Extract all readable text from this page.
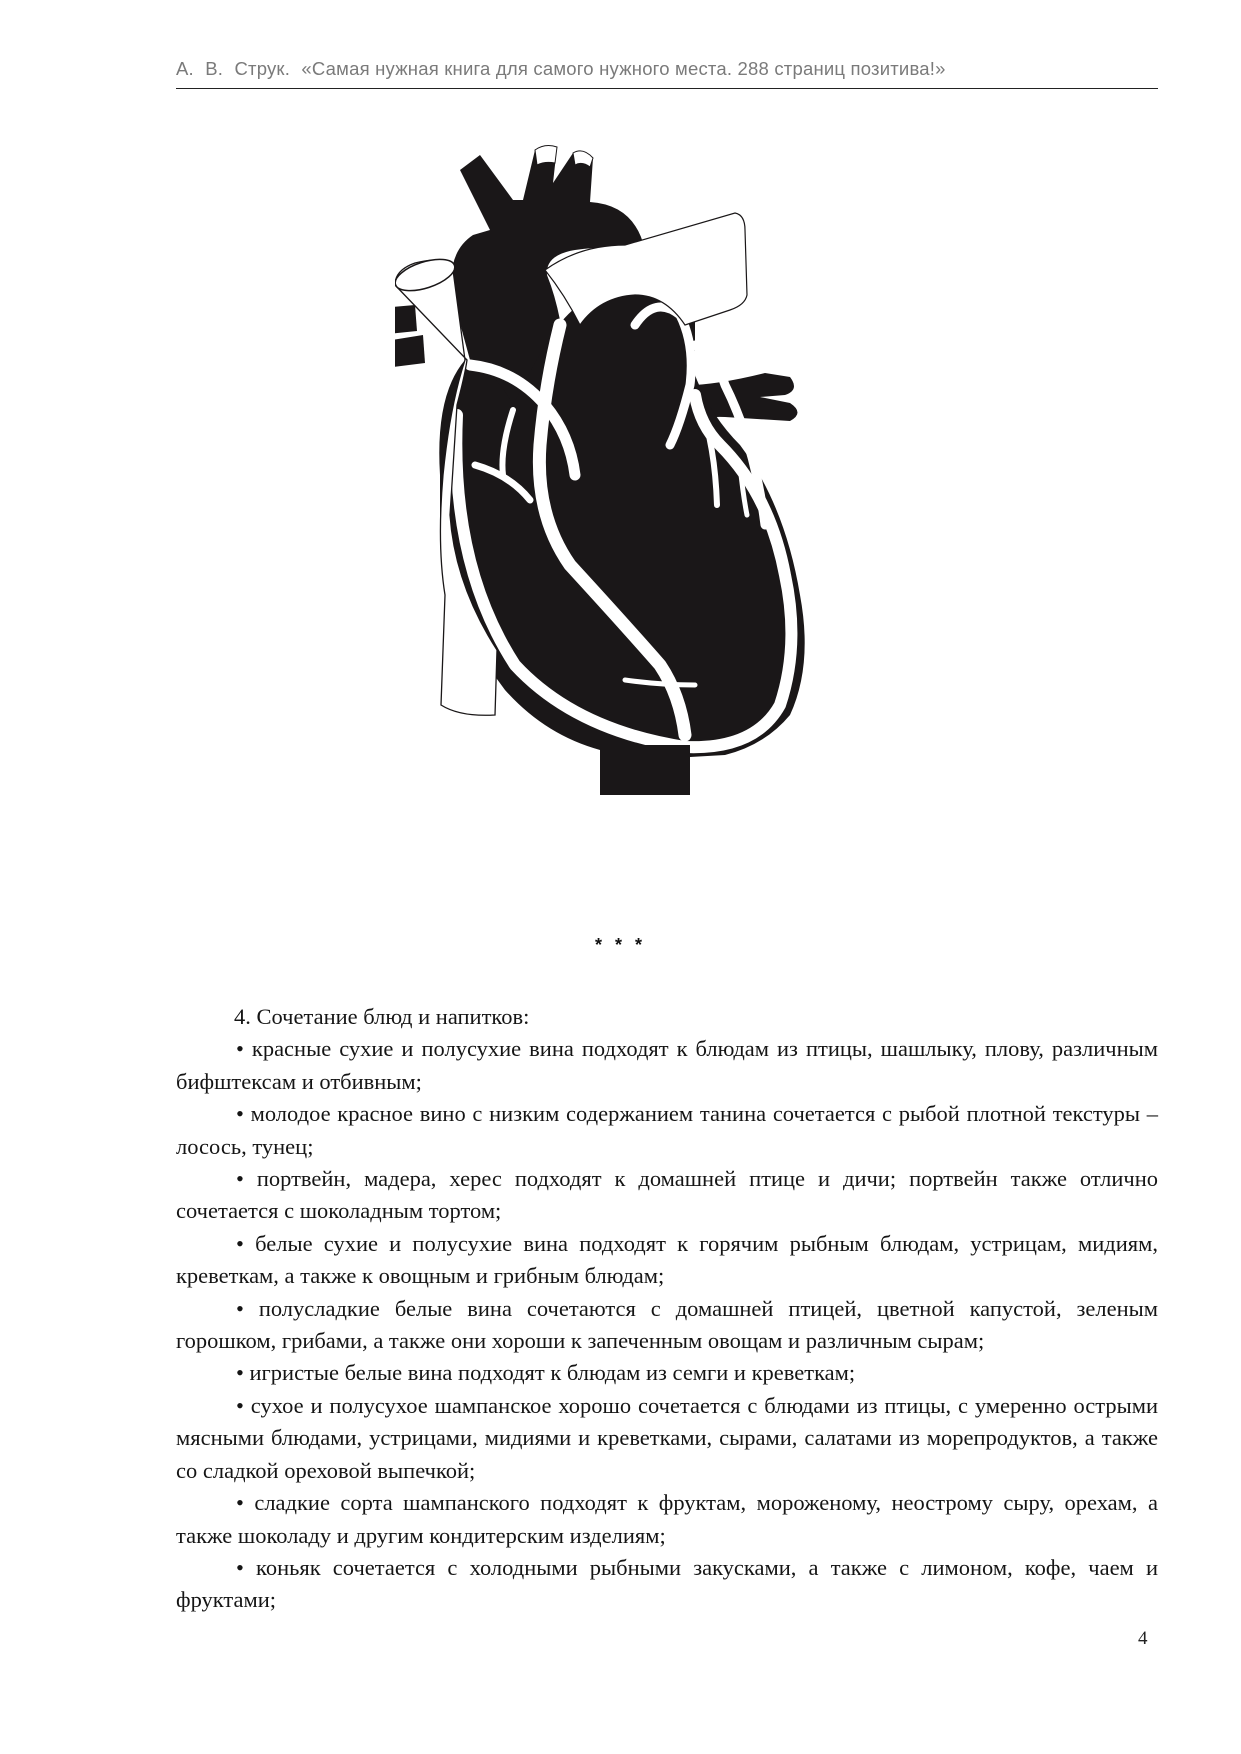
А. В. Струк. «Самая нужная книга для самого нужного места. 288 страниц позитива!»
* * *

4. Сочетание блюд и напитков:

• красные сухие и полусухие вина подходят к блюдам из птицы, шашлыку, плову, различным бифштексам и отбивным;

• молодое красное вино с низким содержанием танина сочетается с рыбой плотной текстуры – лосось, тунец;

• портвейн, мадера, херес подходят к домашней птице и дичи; портвейн также отлично сочетается с шоколадным тортом;

• белые сухие и полусухие вина подходят к горячим рыбным блюдам, устрицам, мидиям, креветкам, а также к овощным и грибным блюдам;

• полусладкие белые вина сочетаются с домашней птицей, цветной капустой, зеленым горошком, грибами, а также они хороши к запеченным овощам и различным сырам;

• игристые белые вина подходят к блюдам из семги и креветкам;

• сухое и полусухое шампанское хорошо сочетается с блюдами из птицы, с умеренно острыми мясными блюдами, устрицами, мидиями и креветками, сырами, салатами из морепродуктов, а также со сладкой ореховой выпечкой;

• сладкие сорта шампанского подходят к фруктам, мороженому, неострому сыру, орехам, а также шоколаду и другим кондитерским изделиям;

• коньяк сочетается с холодными рыбными закусками, а также с лимоном, кофе, чаем и фруктами;

4
